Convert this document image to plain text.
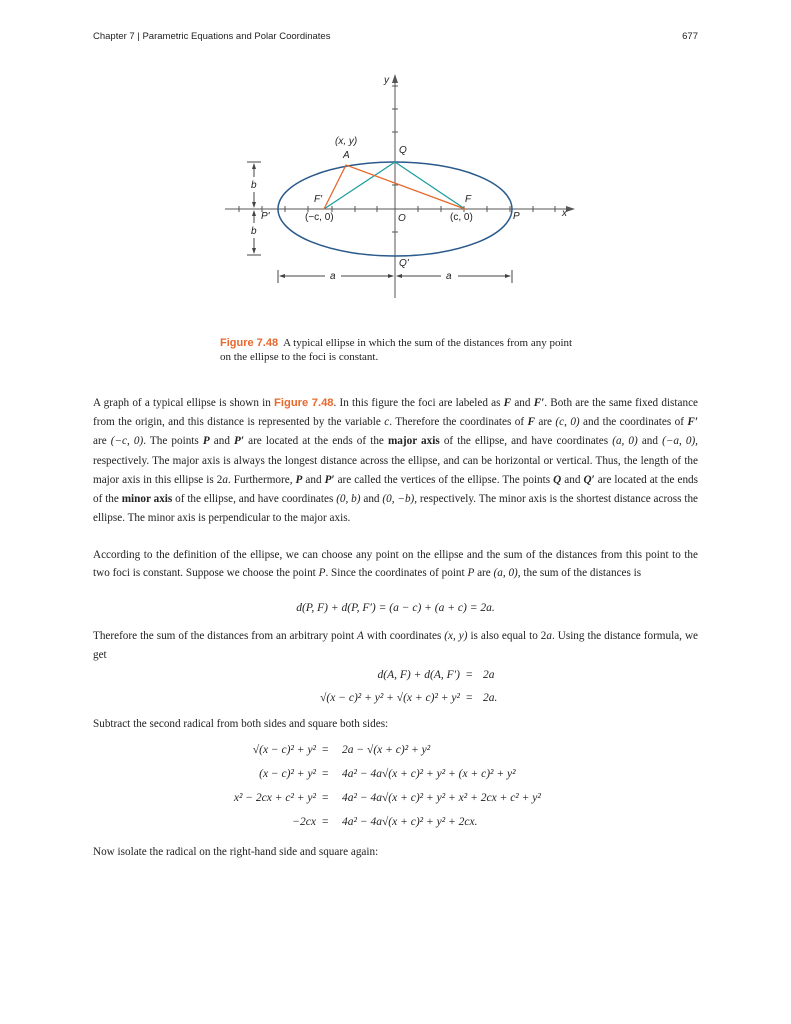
Chapter 7 | Parametric Equations and Polar Coordinates	677
y
x
(x, y)
A	Q
Q'
F
F'
P
P'	O
(−c, 0)	(c, 0)
b
b
a	a
Figure 7.48 A typical ellipse in which the sum of the distances from any point on the ellipse to the foci is constant.

A graph of a typical ellipse is shown in Figure 7.48. In this figure the foci are labeled as F and F′. Both are the same fixed distance from the origin, and this distance is represented by the variable c. Therefore the coordinates of F are (c, 0) and the coordinates of F′ are (−c, 0). The points P and P′ are located at the ends of the major axis of the ellipse, and have coordinates (a, 0) and (−a, 0), respectively. The major axis is always the longest distance across the ellipse, and can be horizontal or vertical. Thus, the length of the major axis in this ellipse is 2a. Furthermore, P and P′ are called the vertices of the ellipse. The points Q and Q′ are located at the ends of the minor axis of the ellipse, and have coordinates (0, b) and (0, −b), respectively. The minor axis is the shortest distance across the ellipse. The minor axis is perpendicular to the major axis.

According to the definition of the ellipse, we can choose any point on the ellipse and the sum of the distances from this point to the two foci is constant. Suppose we choose the point P. Since the coordinates of point P are (a, 0), the sum of the distances is

d(P, F) + d(P, F′) = (a − c) + (a + c) = 2a.

Therefore the sum of the distances from an arbitrary point A with coordinates (x, y) is also equal to 2a. Using the distance formula, we get

d(A, F) + d(A, F′) = 2a
√(x − c)² + y² + √(x + c)² + y² = 2a.
Subtract the second radical from both sides and square both sides:
√(x − c)² + y² = 2a − √(x + c)² + y²
(x − c)² + y² = 4a² − 4a√(x + c)² + y² + (x + c)² + y²
x² − 2cx + c² + y² = 4a² − 4a√(x + c)² + y² + x² + 2cx + c² + y²
−2cx = 4a² − 4a√(x + c)² + y² + 2cx.
Now isolate the radical on the right-hand side and square again:
